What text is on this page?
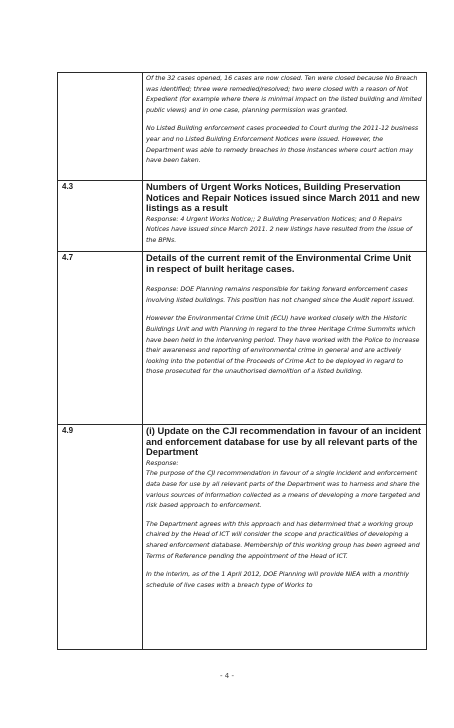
	Of the 32 cases opened, 16 cases are now closed. Ten were closed because No Breach was identified; three were remedied/resolved; two were closed with a reason of Not Expedient (for example where there is minimal impact on the listed building and limited public views) and in one case, planning permission was granted.

No Listed Building enforcement cases proceeded to Court during the 2011-12 business year and no Listed Building Enforcement Notices were issued. However, the Department was able to remedy breaches in those instances where court action may have been taken.

4.3	Numbers of Urgent Works Notices, Building Preservation Notices and Repair Notices issued since March 2011 and new listings as a result

Response: 4 Urgent Works Notice;; 2 Building Preservation Notices; and 0 Repairs Notices have issued since March 2011. 2 new listings have resulted from the issue of the BPNs.

4.7	Details of the current remit of the Environmental Crime Unit in respect of built heritage cases.

Response: DOE Planning remains responsible for taking forward enforcement cases involving listed buildings. This position has not changed since the Audit report issued.

However the Environmental Crime Unit (ECU) have worked closely with the Historic Buildings Unit and with Planning in regard to the three Heritage Crime Summits which have been held in the intervening period. They have worked with the Police to increase their awareness and reporting of environmental crime in general and are actively looking into the potential of the Proceeds of Crime Act to be deployed in regard to those prosecuted for the unauthorised demolition of a listed building.

4.9	(i) Update on the CJI recommendation in favour of an incident and enforcement database for use by all relevant parts of the Department

Response:

The purpose of the CJI recommendation in favour of a single incident and enforcement data base for use by all relevant parts of the Department was to harness and share the various sources of information collected as a means of developing a more targeted and risk based approach to enforcement.

The Department agrees with this approach and has determined that a working group chaired by the Head of ICT will consider the scope and practicalities of developing a shared enforcement database. Membership of this working group has been agreed and Terms of Reference pending the appointment of the Head of ICT.

In the interim, as of the 1 April 2012, DOE Planning will provide NIEA with a monthly schedule of live cases with a breach type of Works to

- 4 -
